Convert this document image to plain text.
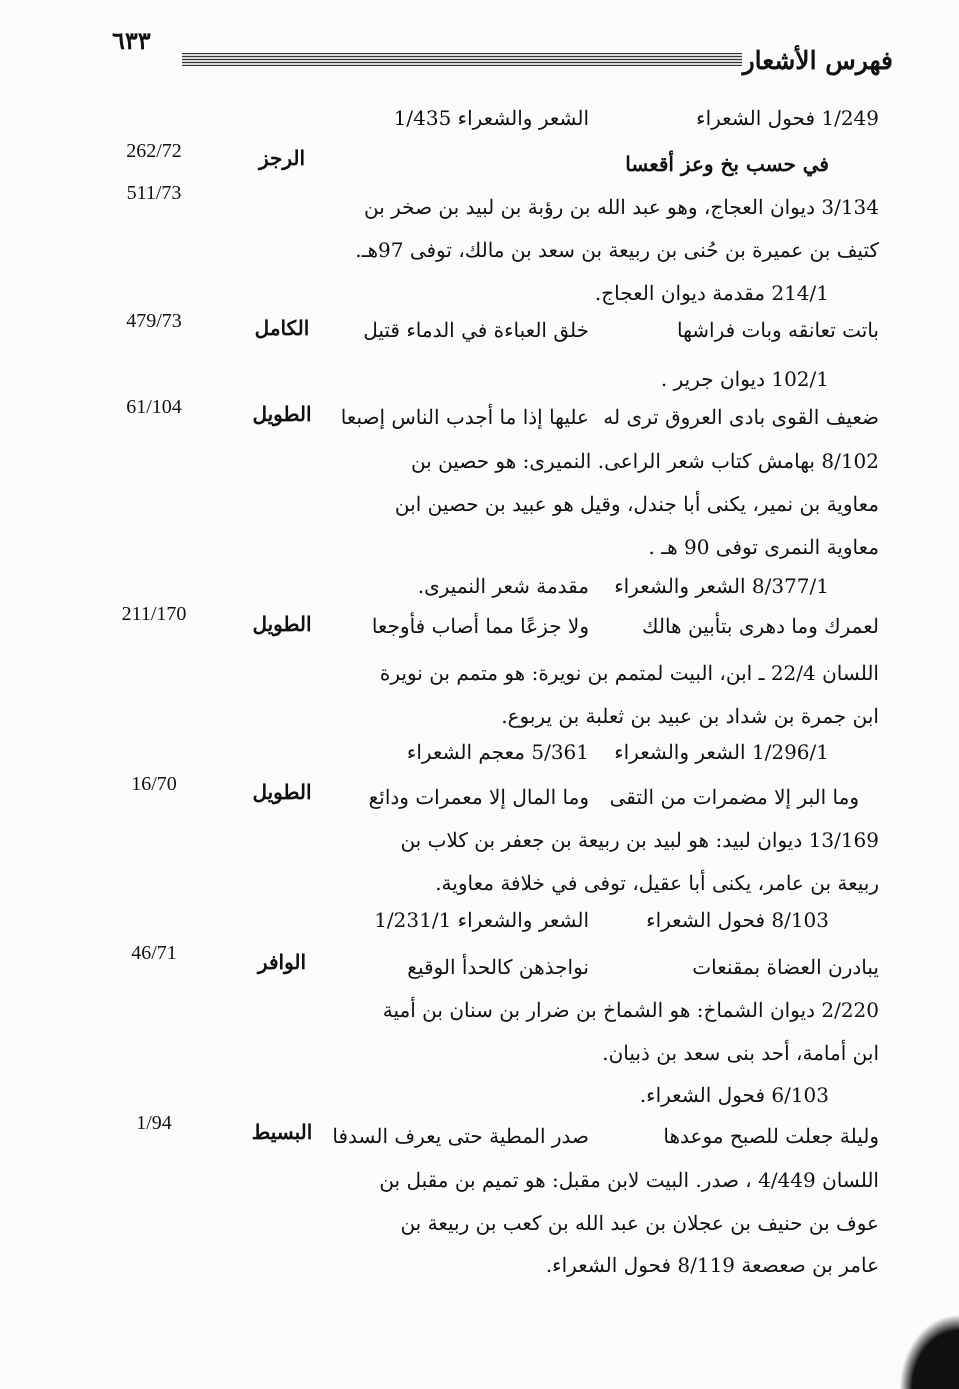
٦٣٣
فهرس الأشعار
1/249 فحول الشعراء
الشعر والشعراء 1/435
262/72	الرجز	في حسب بخ وعز أقعسا
511/73
3/134 ديوان العجاج، وهو عبد الله بن رؤبة بن لبيد بن صخر بن
كتيف بن عميرة بن حُنى بن ربيعة بن سعد بن مالك، توفى 97هـ.
214/1 مقدمة ديوان العجاج.
479/73	الكامل	باتت تعانقه وبات فراشها
خلق العباءة في الدماء قتيل
102/1 ديوان جرير .
61/104	الطويل	ضعيف القوى بادى العروق ترى له
عليها إذا ما أجدب الناس إصبعا
8/102 بهامش كتاب شعر الراعى. النميرى: هو حصين بن
معاوية بن نمير، يكنى أبا جندل، وقيل هو عبيد بن حصين ابن
معاوية النمرى توفى 90 هـ .
8/377/1 الشعر والشعراء
مقدمة شعر النميرى.
211/170	الطويل	لعمرك وما دهرى بتأبين هالك
ولا جزعًا مما أصاب فأوجعا
اللسان 22/4 ـ ابن، البيت لمتمم بن نويرة: هو متمم بن نويرة
ابن جمرة بن شداد بن عبيد بن ثعلبة بن يربوع.
1/296/1 الشعر والشعراء
5/361 معجم الشعراء
16/70	الطويل	وما البر إلا مضمرات من التقى
وما المال إلا معمرات ودائع
13/169 ديوان لبيد: هو لبيد بن ربيعة بن جعفر بن كلاب بن
ربيعة بن عامر، يكنى أبا عقيل، توفى في خلافة معاوية.
8/103 فحول الشعراء
الشعر والشعراء 1/231/1
46/71	الوافر	يبادرن العضاة بمقنعات
نواجذهن كالحدأ الوقيع
2/220 ديوان الشماخ: هو الشماخ بن ضرار بن سنان بن أمية
ابن أمامة، أحد بنى سعد بن ذبيان.
6/103 فحول الشعراء.
1/94	البسيط	وليلة جعلت للصبح موعدها
صدر المطية حتى يعرف السدفا
اللسان 4/449 ، صدر. البيت لابن مقبل: هو تميم بن مقبل بن
عوف بن حنيف بن عجلان بن عبد الله بن كعب بن ربيعة بن
عامر بن صعصعة 8/119 فحول الشعراء.
